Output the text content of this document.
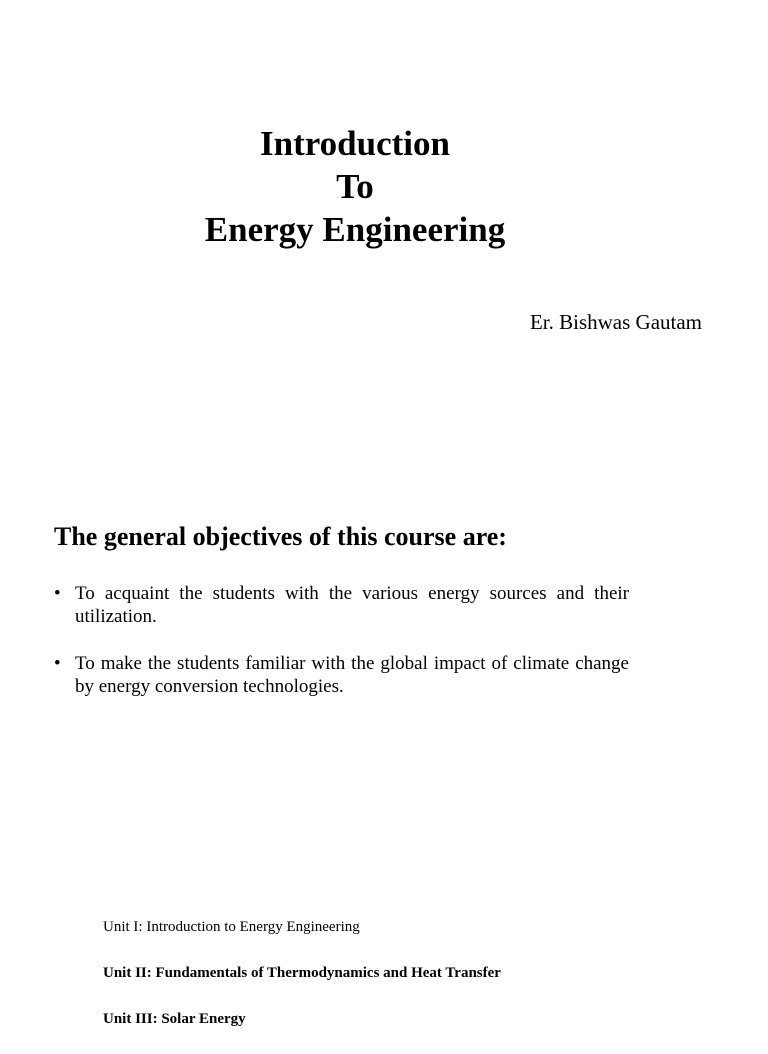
Introduction

To

Energy Engineering

Er. Bishwas Gautam

The general objectives of this course are:
• To acquaint the students with the various energy sources and their utilization.
• To make the students familiar with the global impact of climate change by energy conversion technologies.
Unit I: Introduction to Energy Engineering
Unit II: Fundamentals of Thermodynamics and Heat Transfer
Unit III: Solar Energy
